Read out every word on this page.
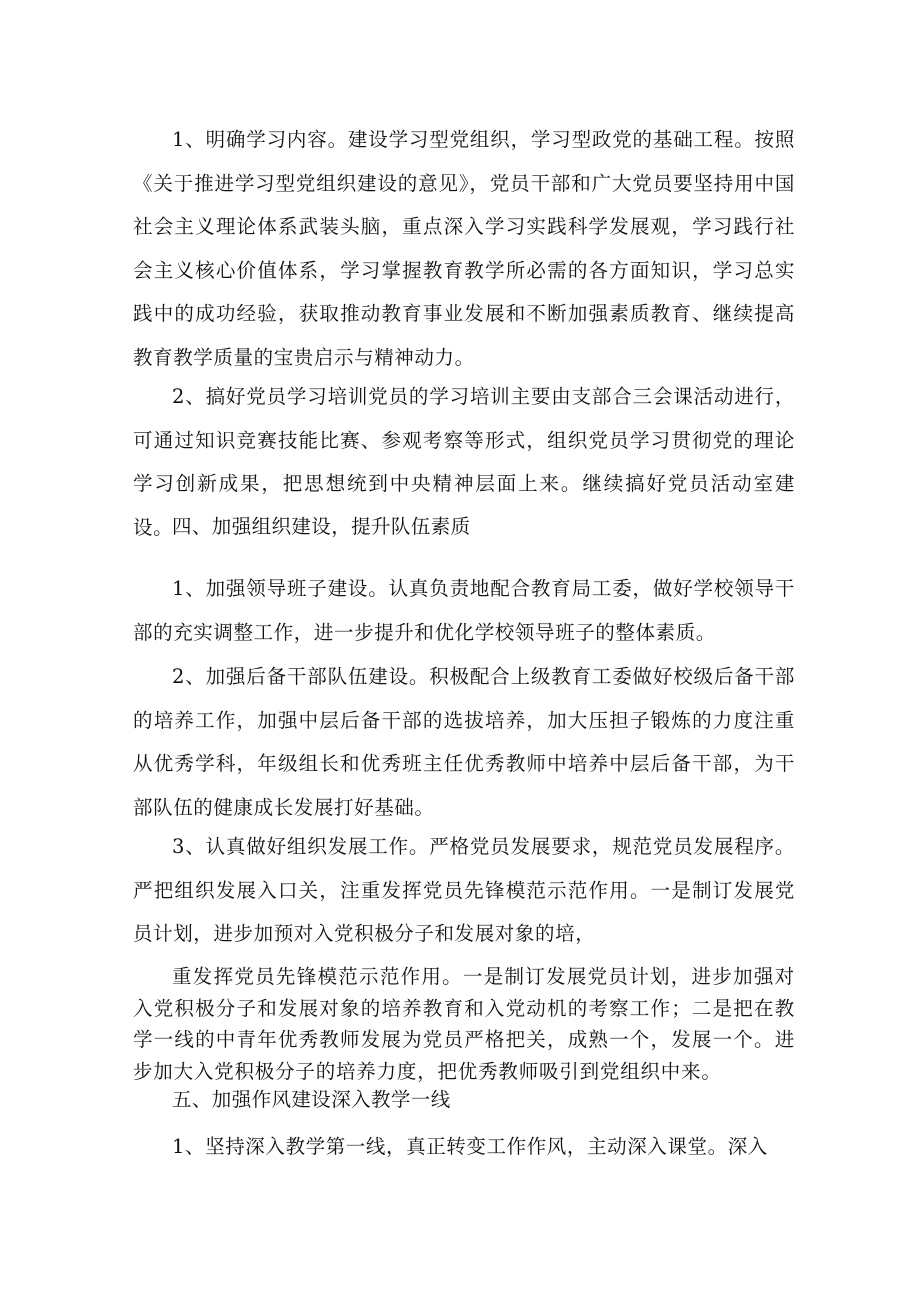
1、明确学习内容。建设学习型党组织，学习型政党的基础工程。按照《关于推进学习型党组织建设的意见》，党员干部和广大党员要坚持用中国社会主义理论体系武装头脑，重点深入学习实践科学发展观，学习践行社会主义核心价值体系，学习掌握教育教学所必需的各方面知识，学习总实践中的成功经验，获取推动教育事业发展和不断加强素质教育、继续提高教育教学质量的宝贵启示与精神动力。

2、搞好党员学习培训党员的学习培训主要由支部合三会课活动进行，可通过知识竞赛技能比赛、参观考察等形式，组织党员学习贯彻党的理论学习创新成果，把思想统到中央精神层面上来。继续搞好党员活动室建设。

四、加强组织建设，提升队伍素质

1、加强领导班子建设。认真负责地配合教育局工委，做好学校领导干部的充实调整工作，进一步提升和优化学校领导班子的整体素质。

2、加强后备干部队伍建设。积极配合上级教育工委做好校级后备干部的培养工作，加强中层后备干部的选拔培养，加大压担子锻炼的力度注重从优秀学科，年级组长和优秀班主任优秀教师中培养中层后备干部，为干部队伍的健康成长发展打好基础。

3、认真做好组织发展工作。严格党员发展要求，规范党员发展程序。严把组织发展入口关，注重发挥党员先锋模范示范作用。一是制订发展党员计划，进步加预对入党积极分子和发展对象的培，

重发挥党员先锋模范示范作用。一是制订发展党员计划，进步加强对入党积极分子和发展对象的培养教育和入党动机的考察工作；二是把在教学一线的中青年优秀教师发展为党员严格把关，成熟一个，发展一个。进步加大入党积极分子的培养力度，把优秀教师吸引到党组织中来。

五、加强作风建设深入教学一线

1、坚持深入教学第一线，真正转变工作作风，主动深入课堂。深入
